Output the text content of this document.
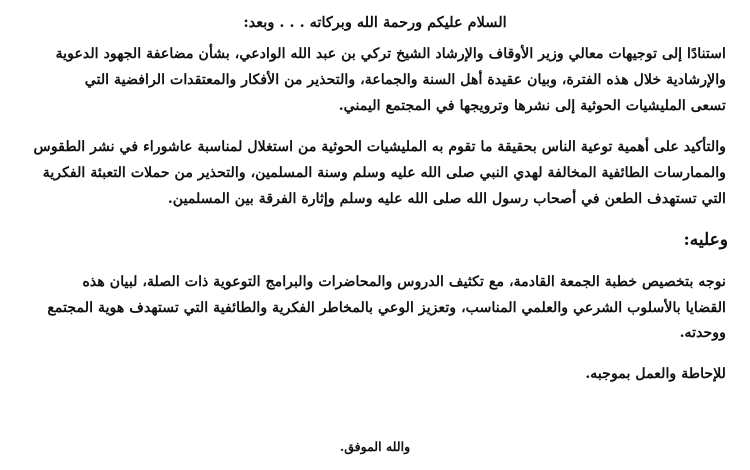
السلام عليكم ورحمة الله وبركاته . . . وبعد:

استنادًا إلى توجيهات معالي وزير الأوقاف والإرشاد الشيخ تركي بن عبد الله الوادعي، بشأن مضاعفة الجهود الدعوية

والإرشادية خلال هذه الفترة، وبيان عقيدة أهل السنة والجماعة، والتحذير من الأفكار والمعتقدات الرافضية التي

تسعى المليشيات الحوثية إلى نشرها وترويجها في المجتمع اليمني.

والتأكيد على أهمية توعية الناس بحقيقة ما تقوم به المليشيات الحوثية من استغلال لمناسبة عاشوراء في نشر الطقوس

والممارسات الطائفية المخالفة لهدي النبي صلى الله عليه وسلم وسنة المسلمين، والتحذير من حملات التعبئة الفكرية

التي تستهدف الطعن في أصحاب رسول الله صلى الله عليه وسلم وإثارة الفرقة بين المسلمين.

وعليه:

نوجه بتخصيص خطبة الجمعة القادمة، مع تكثيف الدروس والمحاضرات والبرامج التوعوية ذات الصلة، لبيان هذه

القضايا بالأسلوب الشرعي والعلمي المناسب، وتعزيز الوعي بالمخاطر الفكرية والطائفية التي تستهدف هوية المجتمع

ووحدته.

للإحاطة والعمل بموجبه.

والله الموفق.
